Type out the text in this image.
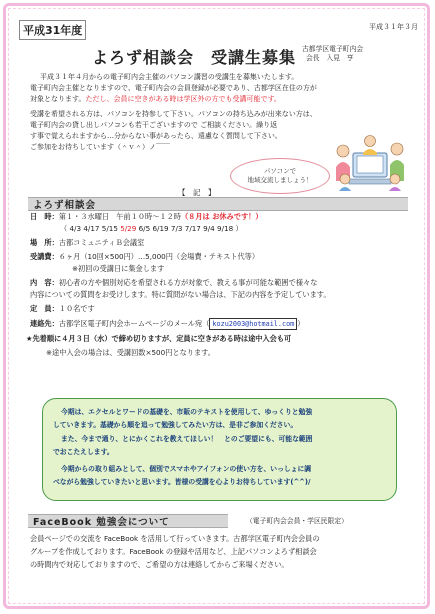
平成31年度	平成３１年３月
よろず相談会　受講生募集 古都学区電子町内会
会長　入見　亨
平成３１年４月からの電子町内会主催のパソコン講習の受講生を募集いたします。
電子町内会主催となりますので、電子町内会の会員登録が必要であり、古都学区在住の方が
対象となります。ただし、会員に空きがある時は学区外の方でも受講可能です。
受講を希望される方は、パソコンを持参して下さい。パソコンの持ち込みが出来ない方は、
電子町内会の貸し出しパソコンも若干ございますので ご相談ください。繰り返
す事で覚えられますから…分からない事があったら、遠慮なく質問して下さい。
ご参加をお待ちしています（＾ｖ＾）ノ￣￣
パソコンで
地域交流しましょう！
【　記　】
よろず相談会
日　時：第１・３水曜日　午前１０時〜１２時（８月は お休みです！）
（ 4/3 4/17 5/15 5/29 6/5 6/19 7/3 7/17 9/4 9/18 ）
場　所：古都コミュニティＢ会議室
受講費：６ヶ月（10回×500円）…5,000円（会場費・テキスト代等）
※初回の受講日に集金します
内　容：初心者の方や個別対応を希望される方が対象で、教える事が可能な範囲で様々な
内容についての質問をお受けします。特に質問がない場合は、下記の内容を予定しています。
定　員：１０名です
連絡先：古都学区電子町内会ホームページのメール宛（ kozu2003@hotmail.com ）
★先着順に４月３日（水）で締め切りますが、定員に空きがある時は途中入会も可
※途中入会の場合は、受講回数×500円となります。
今期は、エクセルとワードの基礎を、市販のテキストを使用して、ゆっくりと勉強
していきます。基礎から順を追って勉強してみたい方は、是非ご参加ください。
また、今まで通り、とにかくこれを教えてほしい！　とのご要望にも、可能な範囲
でおこたえします。
今期からの取り組みとして、個別でスマホやアイフォンの使い方を、いっしょに調
べながら勉強していきたいと思います。皆様の受講を心よりお待ちしています(^^)/
FaceBook 勉強会について	（電子町内会会員・学区民限定）
会員ページでの交流を FaceBook を活用して行っていきます。古都学区電子町内会会員の
グループを作成しております。FaceBook の登録や活用など、上記パソコンよろず相談会
の時間内で対応しておりますので、ご希望の方は連絡してからご来場ください。
